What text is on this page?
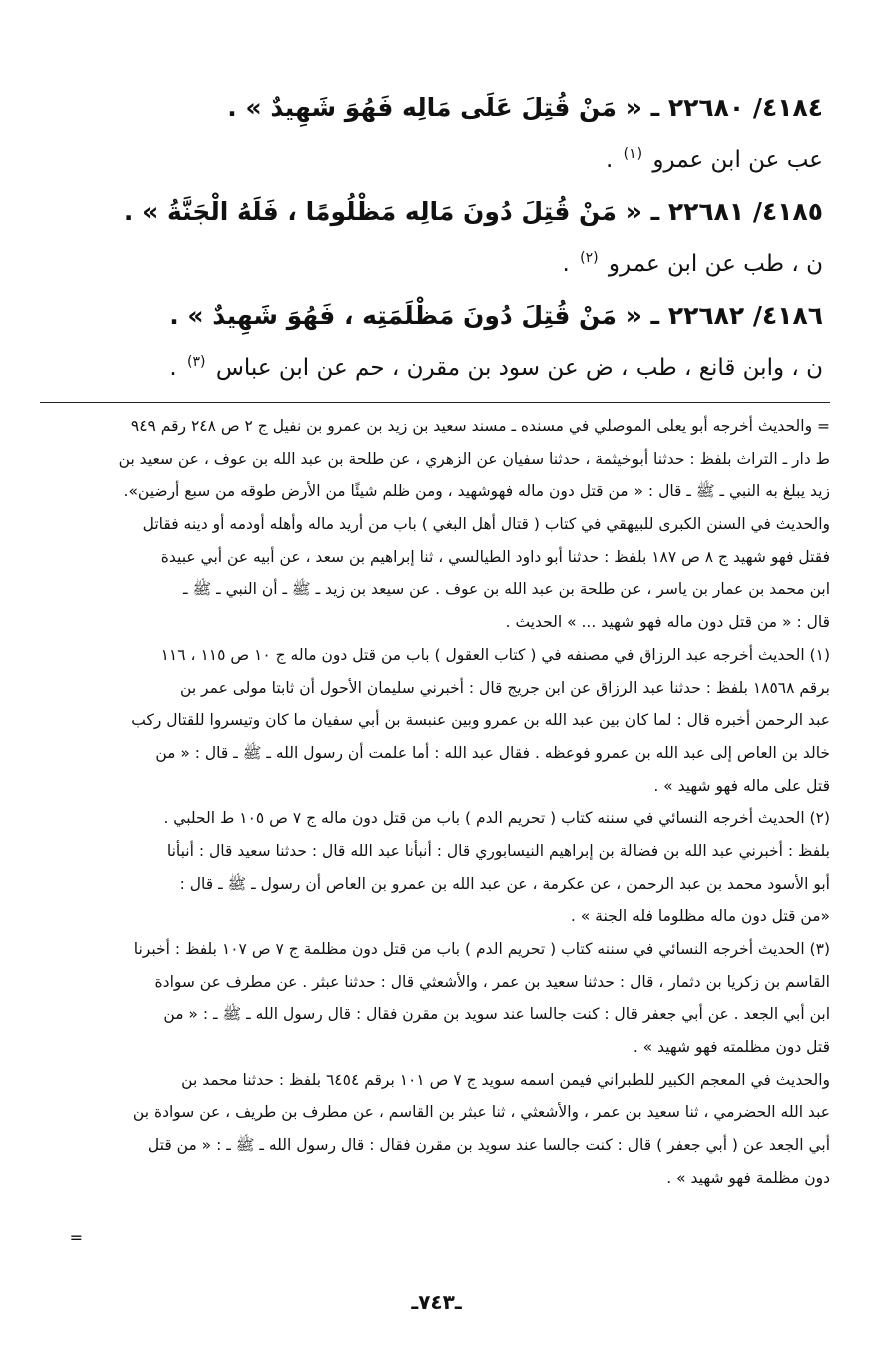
٤١٨٤/ ٢٢٦٨٠ ـ « مَنْ قُتِلَ عَلَى مَالِه فَهُوَ شَهِيدٌ » .
عب عن ابن عمرو $^{(١)}$ .
٤١٨٥/ ٢٢٦٨١ ـ « مَنْ قُتِلَ دُونَ مَالِه مَظْلُومًا ، فَلَهُ الْجَنَّةُ » .
ن ، طب عن ابن عمرو $^{(٢)}$ .
٤١٨٦/ ٢٢٦٨٢ ـ « مَنْ قُتِلَ دُونَ مَظْلَمَتِه ، فَهُوَ شَهِيدٌ » .
ن ، وابن قانع ، طب ، ض عن سود بن مقرن ، حم عن ابن عباس $^{(٣)}$ .
= والحديث أخرجه أبو يعلى الموصلي في مسنده ـ مسند سعيد بن زيد بن عمرو بن نفيل ج ٢ ص ٢٤٨ رقم ٩٤٩
ط دار ـ التراث بلفظ : حدثنا أبوخيثمة ، حدثنا سفيان عن الزهري ، عن طلحة بن عبد الله بن عوف ، عن سعيد بن
زيد يبلغ به النبي ـ ﷺ ـ قال : « من قتل دون ماله فهوشهيد ، ومن ظلم شيئًا من الأرض طوقه من سبع أرضين».
والحديث في السنن الكبرى للبيهقي في كتاب ( قتال أهل البغي ) باب من أريد ماله وأهله أودمه أو دينه فقاتل
فقتل فهو شهيد ج ٨ ص ١٨٧ بلفظ : حدثنا أبو داود الطيالسي ، ثنا إبراهيم بن سعد ، عن أبيه عن أبي عبيدة
ابن محمد بن عمار بن ياسر ، عن طلحة بن عبد الله بن عوف . عن سيعد بن زيد ـ ﷺ ـ أن النبي ـ ﷺ ـ
قال : « من قتل دون ماله فهو شهيد ... » الحديث .
(١) الحديث أخرجه عبد الرزاق في مصنفه في ( كتاب العقول ) باب من قتل دون ماله ج ١٠ ص ١١٥ ، ١١٦
برقم ١٨٥٦٨ بلفظ : حدثنا عبد الرزاق عن ابن جريج قال : أخبرني سليمان الأحول أن ثابتا مولى عمر بن
عبد الرحمن أخبره قال : لما كان بين عبد الله بن عمرو وبين عنبسة بن أبي سفيان ما كان وتيسروا للقتال ركب
خالد بن العاص إلى عبد الله بن عمرو فوعظه . فقال عبد الله : أما علمت أن رسول الله ـ ﷺ ـ قال : « من
قتل على ماله فهو شهيد » .
(٢) الحديث أخرجه النسائي في سننه كتاب ( تحريم الدم ) باب من قتل دون ماله ج ٧ ص ١٠٥ ط الحلبي .
بلفظ : أخبرني عبد الله بن فضالة بن إبراهيم النيسابوري قال : أنبأنا عبد الله قال : حدثنا سعيد قال : أنبأنا
أبو الأسود محمد بن عبد الرحمن ، عن عكرمة ، عن عبد الله بن عمرو بن العاص أن رسول ـ ﷺ ـ قال :
«من قتل دون ماله مظلوما فله الجنة » .
(٣) الحديث أخرجه النسائي في سننه كتاب ( تحريم الدم ) باب من قتل دون مظلمة ج ٧ ص ١٠٧ بلفظ : أخبرنا
القاسم بن زكريا بن دثمار ، قال : حدثنا سعيد بن عمر ، والأشعثي قال : حدثنا عبثر . عن مطرف عن سوادة
ابن أبي الجعد . عن أبي جعفر قال : كنت جالسا عند سويد بن مقرن فقال : قال رسول الله ـ ﷺ ـ : « من
قتل دون مظلمته فهو شهيد » .
والحديث في المعجم الكبير للطبراني فيمن اسمه سويد ج ٧ ص ١٠١ برقم ٦٤٥٤ بلفظ : حدثنا محمد بن
عبد الله الحضرمي ، ثنا سعيد بن عمر ، والأشعثي ، ثنا عبثر بن القاسم ، عن مطرف بن طريف ، عن سوادة بن
أبي الجعد عن ( أبي جعفر ) قال : كنت جالسا عند سويد بن مقرن فقال : قال رسول الله ـ ﷺ ـ : « من قتل
دون مظلمة فهو شهيد » .
=
ـ٧٤٣ـ
